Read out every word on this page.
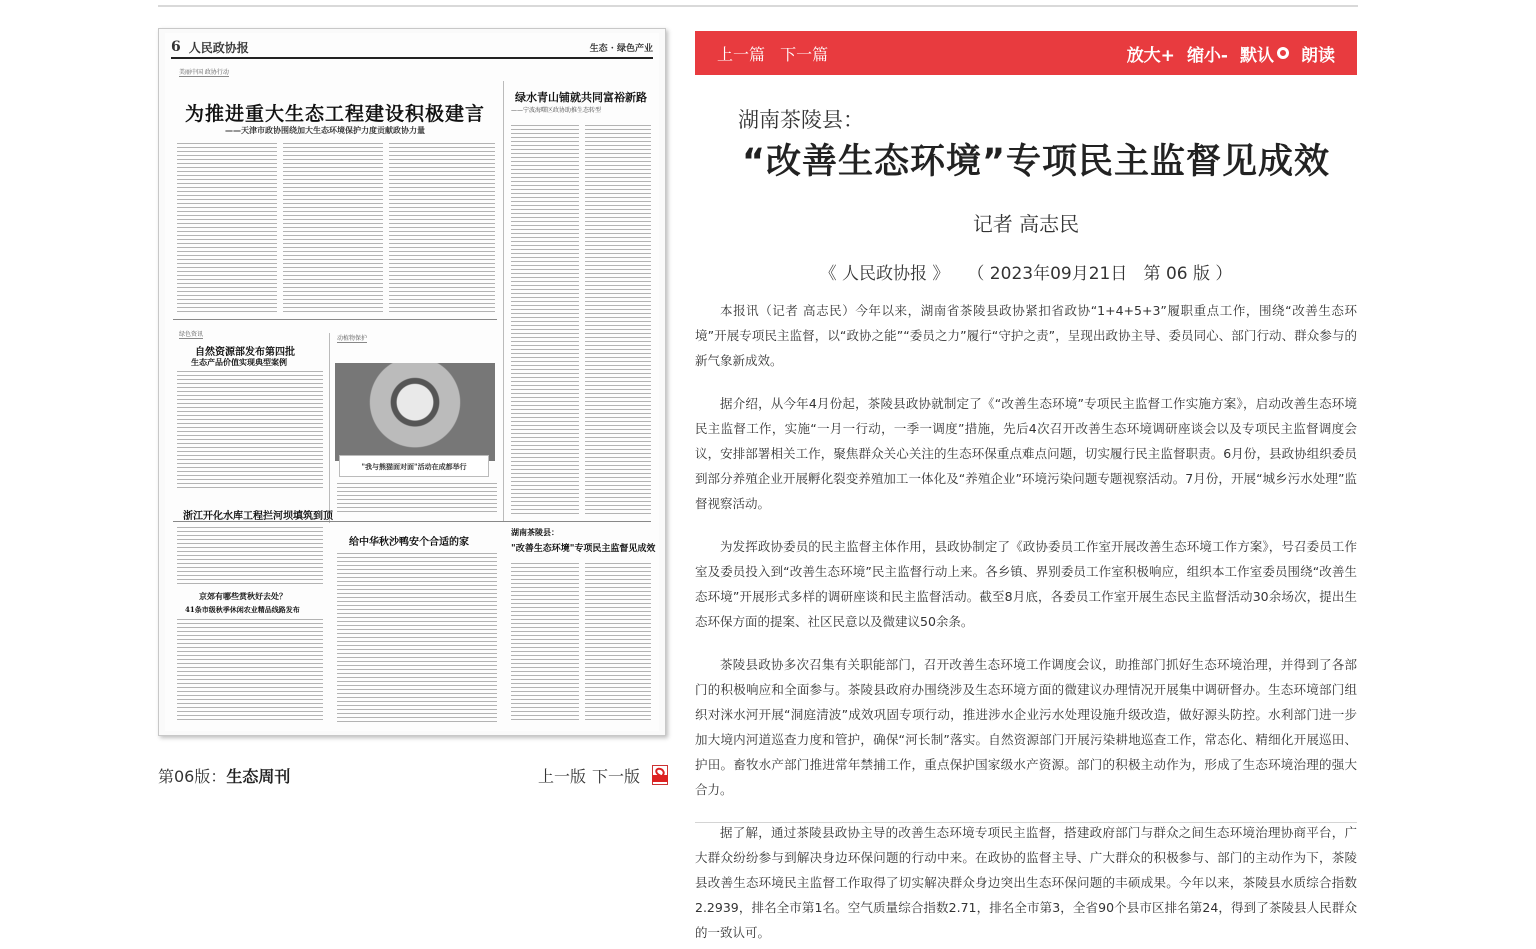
6 人民政协报	生态 · 绿色产业
美丽中国 政协行动
为推进重大生态工程建设积极建言
——天津市政协围绕加大生态环境保护力度贡献政协力量
绿水青山铺就共同富裕新路
——宁波海曙区政协助推生态转型
绿色资讯
自然资源部发布第四批
生态产品价值实现典型案例
动植物保护
"我与熊猫面对面"活动在成都举行
浙江开化水库工程拦河坝填筑到顶
京郊有哪些赏秋好去处？
41条市级秋季休闲农业精品线路发布
给中华秋沙鸭安个合适的家
湖南茶陵县：
"改善生态环境"专项民主监督见成效
第06版： 生态周刊	上一版 下一版
上一篇 下一篇	放大+ 缩小- 默认 朗读
湖南茶陵县：
“改善生态环境”专项民主监督见成效
记者 高志民
《 人民政协报 》 （ 2023年09月21日   第 06 版 ）

本报讯（记者 高志民）今年以来，湖南省茶陵县政协紧扣省政协“1+4+5+3”履职重点工作，围绕“改善生态环境”开展专项民主监督，以“政协之能”“委员之力”履行“守护之责”，呈现出政协主导、委员同心、部门行动、群众参与的新气象新成效。

据介绍，从今年4月份起，茶陵县政协就制定了《“改善生态环境”专项民主监督工作实施方案》，启动改善生态环境民主监督工作，实施“一月一行动，一季一调度”措施，先后4次召开改善生态环境调研座谈会以及专项民主监督调度会议，安排部署相关工作，聚焦群众关心关注的生态环保重点难点问题，切实履行民主监督职责。6月份，县政协组织委员到部分养殖企业开展孵化裂变养殖加工一体化及“养殖企业”环境污染问题专题视察活动。7月份，开展“城乡污水处理”监督视察活动。

为发挥政协委员的民主监督主体作用，县政协制定了《政协委员工作室开展改善生态环境工作方案》，号召委员工作室及委员投入到“改善生态环境”民主监督行动上来。各乡镇、界别委员工作室积极响应，组织本工作室委员围绕“改善生态环境”开展形式多样的调研座谈和民主监督活动。截至8月底，各委员工作室开展生态民主监督活动30余场次，提出生态环保方面的提案、社区民意以及微建议50余条。

茶陵县政协多次召集有关职能部门，召开改善生态环境工作调度会议，助推部门抓好生态环境治理，并得到了各部门的积极响应和全面参与。茶陵县政府办围绕涉及生态环境方面的微建议办理情况开展集中调研督办。生态环境部门组织对洣水河开展“洞庭清波”成效巩固专项行动，推进涉水企业污水处理设施升级改造，做好源头防控。水利部门进一步加大境内河道巡查力度和管护，确保“河长制”落实。自然资源部门开展污染耕地巡查工作，常态化、精细化开展巡田、护田。畜牧水产部门推进常年禁捕工作，重点保护国家级水产资源。部门的积极主动作为，形成了生态环境治理的强大合力。

据了解，通过茶陵县政协主导的改善生态环境专项民主监督，搭建政府部门与群众之间生态环境治理协商平台，广大群众纷纷参与到解决身边环保问题的行动中来。在政协的监督主导、广大群众的积极参与、部门的主动作为下，茶陵县改善生态环境民主监督工作取得了切实解决群众身边突出生态环保问题的丰硕成果。今年以来，茶陵县水质综合指数2.2939，排名全市第1名。空气质量综合指数2.71，排名全市第3，全省90个县市区排名第24，得到了茶陵县人民群众的一致认可。
